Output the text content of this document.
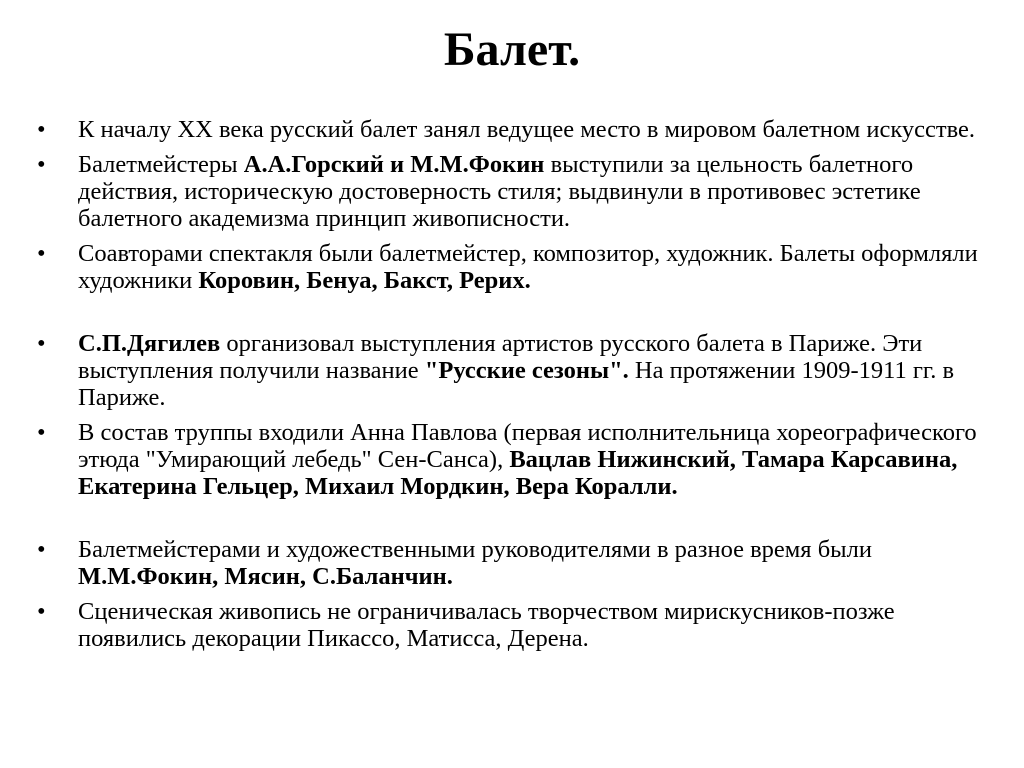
Балет.
• К началу XX века русский балет занял ведущее место в мировом балетном искусстве.
• Балетмейстеры А.А.Горский и М.М.Фокин выступили за цельность балетного действия, историческую достоверность стиля; выдвинули в противовес эстетике балетного академизма принцип живописности.
• Соавторами спектакля были балетмейстер, композитор, художник. Балеты оформляли художники Коровин, Бенуа, Бакст, Рерих.
• С.П.Дягилев организовал выступления артистов русского балета в Париже. Эти выступления получили название "Русские сезоны". На протяжении 1909-1911 гг. в Париже.
• В состав труппы входили Анна Павлова (первая исполнительница хореографического этюда "Умирающий лебедь" Сен-Санса), Вацлав Нижинский, Тамара Карсавина, Екатерина Гельцер, Михаил Мордкин, Вера Коралли.
• Балетмейстерами и художественными руководителями в разное время были М.М.Фокин, Мясин, С.Баланчин.
• Сценическая живопись не ограничивалась творчеством мирискусников-позже появились декорации Пикассо, Матисса, Дерена.
